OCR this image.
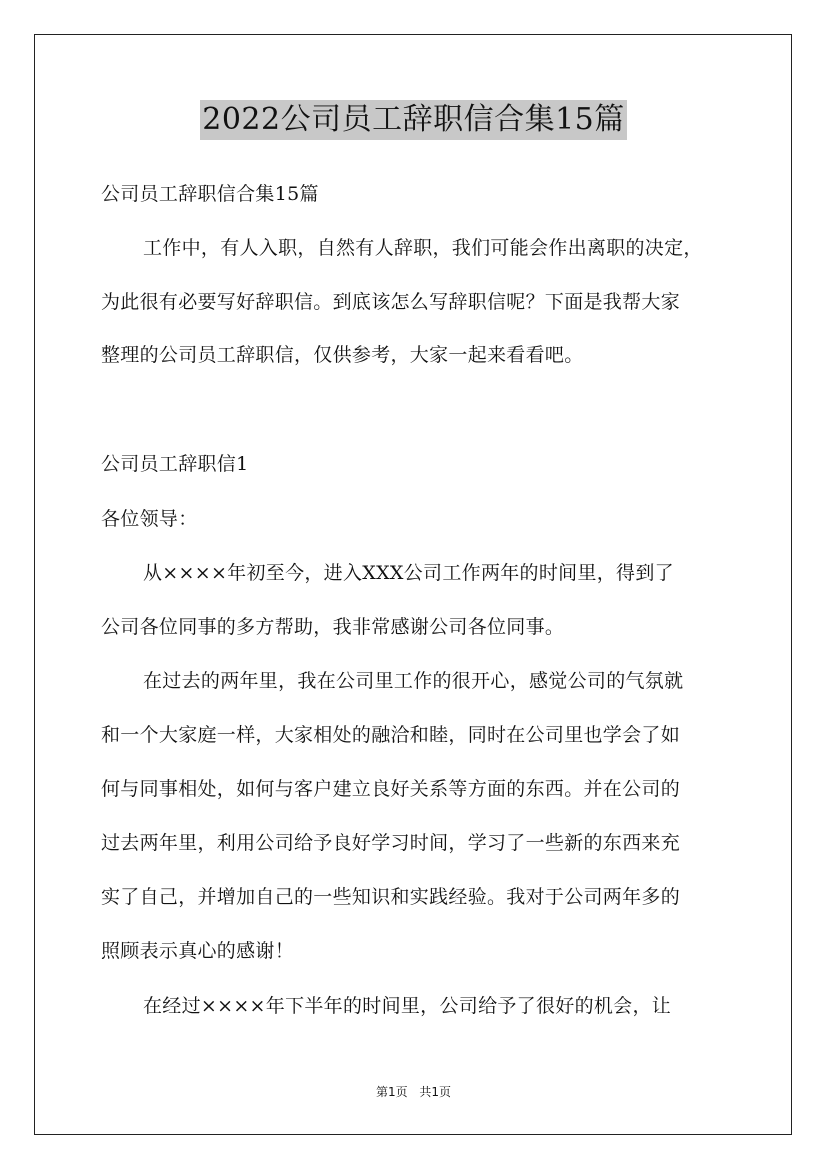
2022公司员工辞职信合集15篇
公司员工辞职信合集15篇
工作中，有人入职，自然有人辞职，我们可能会作出离职的决定，
为此很有必要写好辞职信。到底该怎么写辞职信呢？下面是我帮大家
整理的公司员工辞职信，仅供参考，大家一起来看看吧。
公司员工辞职信1
各位领导：
从××××年初至今，进入XXX公司工作两年的时间里，得到了
公司各位同事的多方帮助，我非常感谢公司各位同事。
在过去的两年里，我在公司里工作的很开心，感觉公司的气氛就
和一个大家庭一样，大家相处的融洽和睦，同时在公司里也学会了如
何与同事相处，如何与客户建立良好关系等方面的东西。并在公司的
过去两年里，利用公司给予良好学习时间，学习了一些新的东西来充
实了自己，并增加自己的一些知识和实践经验。我对于公司两年多的
照顾表示真心的感谢！
在经过××××年下半年的时间里，公司给予了很好的机会，让
第1页 共1页
